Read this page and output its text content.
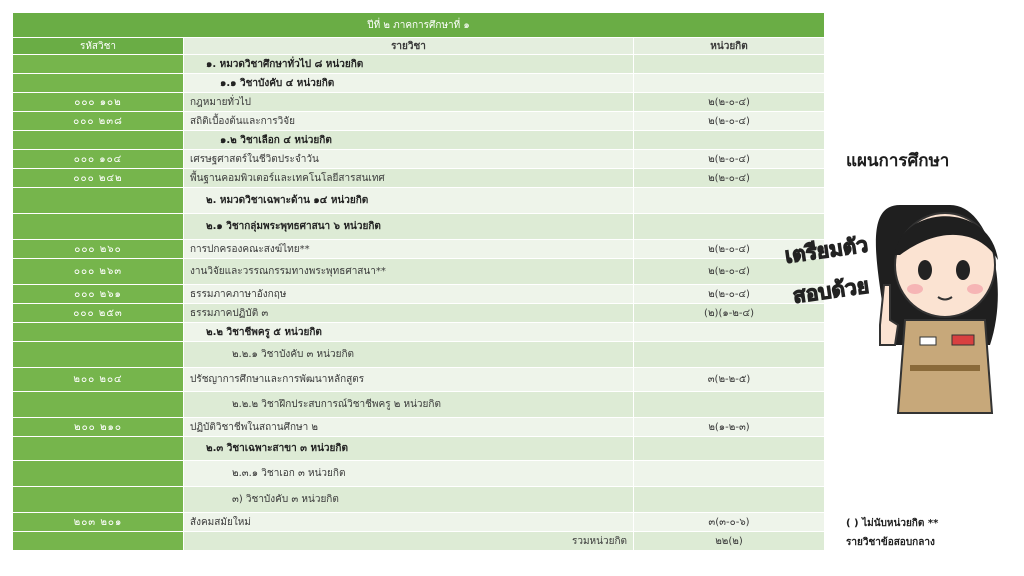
ปีที่ ๒ ภาคการศึกษาที่ ๑		
รหัสวิชา	รายวิชา	หน่วยกิต
	๑. หมวดวิชาศึกษาทั่วไป ๘ หน่วยกิต	
	๑.๑ วิชาบังคับ ๔ หน่วยกิต	
๐๐๐ ๑๐๒	กฎหมายทั่วไป	๒(๒-๐-๔)
๐๐๐ ๒๓๘	สถิติเบื้องต้นและการวิจัย	๒(๒-๐-๔)
	๑.๒ วิชาเลือก ๔ หน่วยกิต	
๐๐๐ ๑๐๔	เศรษฐศาสตร์ในชีวิตประจำวัน	๒(๒-๐-๔)
๐๐๐ ๒๔๒	พื้นฐานคอมพิวเตอร์และเทคโนโลยีสารสนเทศ	๒(๒-๐-๔)
	๒. หมวดวิชาเฉพาะด้าน ๑๔ หน่วยกิต	
	๒.๑ วิชากลุ่มพระพุทธศาสนา ๖ หน่วยกิต	
๐๐๐ ๒๖๐	การปกครองคณะสงฆ์ไทย**	๒(๒-๐-๔)
๐๐๐ ๒๖๓	งานวิจัยและวรรณกรรมทางพระพุทธศาสนา**	๒(๒-๐-๔)
๐๐๐ ๒๖๑	ธรรมภาคภาษาอังกฤษ	๒(๒-๐-๔)
๐๐๐ ๒๕๓	ธรรมภาคปฏิบัติ ๓	(๒)(๑-๒-๔)
	๒.๒ วิชาชีพครู ๕ หน่วยกิต	
	๒.๒.๑ วิชาบังคับ ๓ หน่วยกิต	
๒๐๐ ๒๐๔	ปรัชญาการศึกษาและการพัฒนาหลักสูตร	๓(๒-๒-๕)
	๒.๒.๒ วิชาฝึกประสบการณ์วิชาชีพครู ๒ หน่วยกิต	
๒๐๐ ๒๑๐	ปฏิบัติวิชาชีพในสถานศึกษา ๒	๒(๑-๒-๓)
	๒.๓ วิชาเฉพาะสาขา ๓ หน่วยกิต	
	๒.๓.๑ วิชาเอก ๓ หน่วยกิต	
	๓) วิชาบังคับ ๓ หน่วยกิต	
๒๐๓ ๒๐๑	สังคมสมัยใหม่	๓(๓-๐-๖)
	รวมหน่วยกิต	๒๒(๒)
แผนการศึกษา
เตรียมตัว
สอบด้วย
( ) ไม่นับหน่วยกิต **
รายวิชาข้อสอบกลาง
